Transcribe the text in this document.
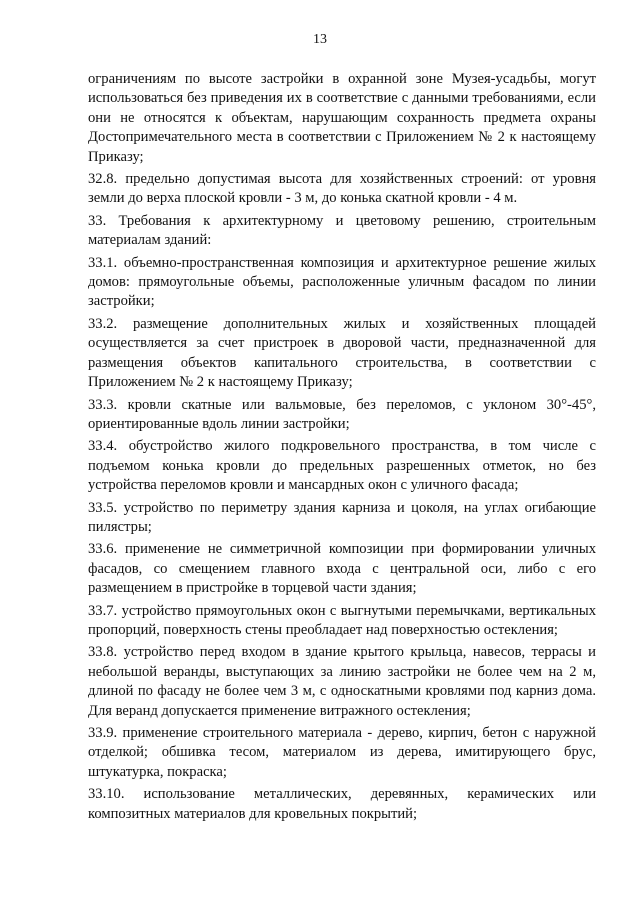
13

ограничениям по высоте застройки в охранной зоне Музея-усадьбы, могут использоваться без приведения их в соответствие с данными требованиями, если они не относятся к объектам, нарушающим сохранность предмета охраны Достопримечательного места в соответствии с Приложением № 2 к настоящему Приказу;

32.8. предельно допустимая высота для хозяйственных строений: от уровня земли до верха плоской кровли - 3 м, до конька скатной кровли - 4 м.

33. Требования к архитектурному и цветовому решению, строительным материалам зданий:

33.1. объемно-пространственная композиция и архитектурное решение жилых домов: прямоугольные объемы, расположенные уличным фасадом по линии застройки;

33.2. размещение дополнительных жилых и хозяйственных площадей осуществляется за счет пристроек в дворовой части, предназначенной для размещения объектов капитального строительства, в соответствии с Приложением № 2 к настоящему Приказу;

33.3. кровли скатные или вальмовые, без переломов, с уклоном 30°-45°, ориентированные вдоль линии застройки;

33.4. обустройство жилого подкровельного пространства, в том числе с подъемом конька кровли до предельных разрешенных отметок, но без устройства переломов кровли и мансардных окон с уличного фасада;

33.5. устройство по периметру здания карниза и цоколя, на углах огибающие пилястры;

33.6. применение не симметричной композиции при формировании уличных фасадов, со смещением главного входа с центральной оси, либо с его размещением в пристройке в торцевой части здания;

33.7. устройство прямоугольных окон с выгнутыми перемычками, вертикальных пропорций, поверхность стены преобладает над поверхностью остекления;

33.8. устройство перед входом в здание крытого крыльца, навесов, террасы и небольшой веранды, выступающих за линию застройки не более чем на 2 м, длиной по фасаду не более чем 3 м, с односкатными кровлями под карниз дома. Для веранд допускается применение витражного остекления;

33.9. применение строительного материала - дерево, кирпич, бетон с наружной отделкой; обшивка тесом, материалом из дерева, имитирующего брус, штукатурка, покраска;

33.10. использование металлических, деревянных, керамических или композитных материалов для кровельных покрытий;
